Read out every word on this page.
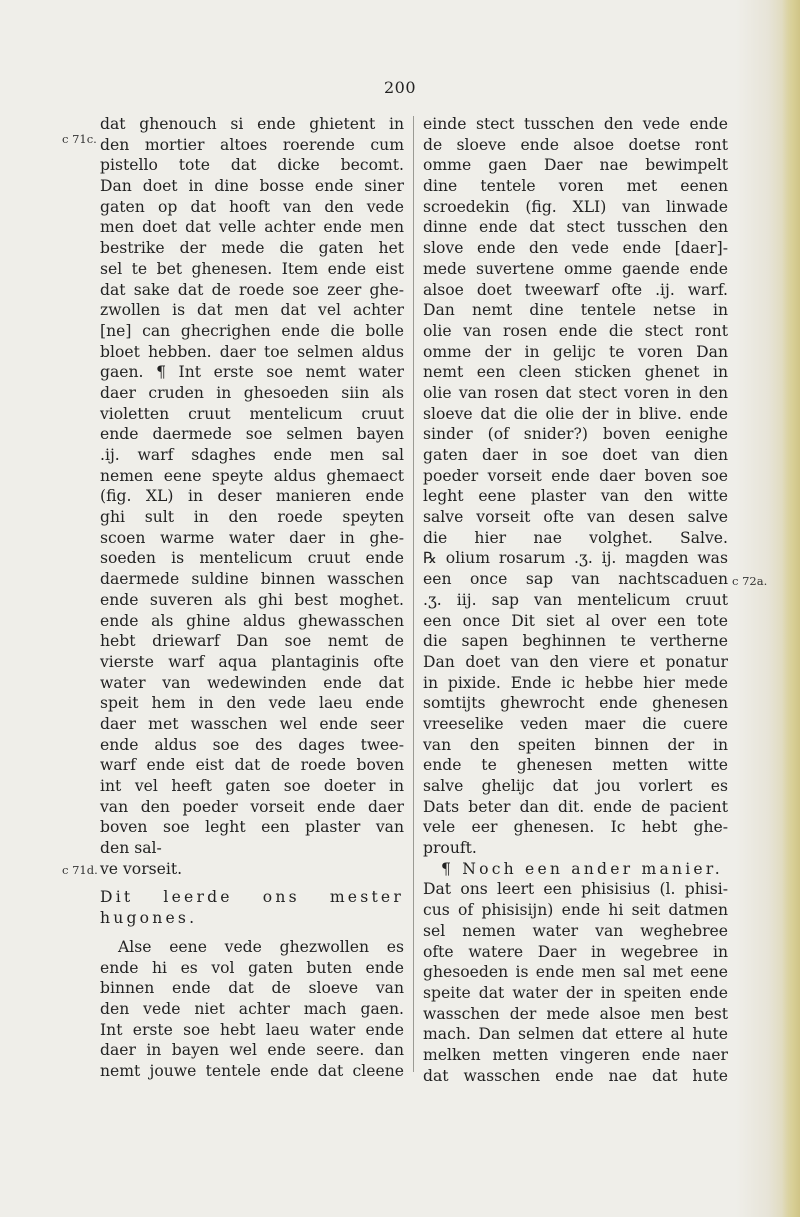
200
c 71c.
c 71d.
c 72a.
dat ghenouch si ende ghietent in
den mortier altoes roerende cum
pistello tote dat dicke becomt.
Dan doet in dine bosse ende siner
gaten op dat hooft van den vede
men doet dat velle achter ende men
bestrike der mede die gaten het
sel te bet ghenesen. Item ende eist
dat sake dat de roede soe zeer ghe-
zwollen is dat men dat vel achter
[ne] can ghecrighen ende die bolle
bloet hebben. daer toe selmen aldus
gaen. ¶ Int erste soe nemt water
daer cruden in ghesoeden siin als
violetten cruut mentelicum cruut
ende daermede soe selmen bayen
.ij. warf sdaghes ende men sal
nemen eene speyte aldus ghemaect
(fig. XL) in deser manieren ende
ghi sult in den roede speyten
scoen warme water daer in ghe-
soeden is mentelicum cruut ende
daermede suldine binnen wasschen
ende suveren als ghi best moghet.
ende als ghine aldus ghewasschen
hebt driewarf Dan soe nemt de
vierste warf aqua plantaginis ofte
water van wedewinden ende dat
speit hem in den vede laeu ende
daer met wasschen wel ende seer
ende aldus soe des dages twee-
warf ende eist dat de roede boven
int vel heeft gaten soe doeter in
van den poeder vorseit ende daer
boven soe leght een plaster van
den sal-
ve vorseit.
Dit leerde ons mester
hugones.
Alse eene vede ghezwollen es
ende hi es vol gaten buten ende
binnen ende dat de sloeve van
den vede niet achter mach gaen.
Int erste soe hebt laeu water ende
daer in bayen wel ende seere. dan
nemt jouwe tentele ende dat cleene
einde stect tusschen den vede ende
de sloeve ende alsoe doetse ront
omme gaen Daer nae bewimpelt
dine tentele voren met eenen
scroedekin (fig. XLI) van linwade
dinne ende dat stect tusschen den
slove ende den vede ende [daer]-
mede suvertene omme gaende ende
alsoe doet tweewarf ofte .ij. warf.
Dan nemt dine tentele netse in
olie van rosen ende die stect ront
omme der in gelijc te voren Dan
nemt een cleen sticken ghenet in
olie van rosen dat stect voren in den
sloeve dat die olie der in blive. ende
sinder (of snider?) boven eenighe
gaten daer in soe doet van dien
poeder vorseit ende daer boven soe
leght eene plaster van den witte
salve vorseit ofte van desen salve
die hier nae volghet. Salve.
℞ olium rosarum .ʒ. ij. magden was
een once sap van nachtscaduen
.ʒ. iij. sap van mentelicum cruut
een once Dit siet al over een tote
die sapen beghinnen te vertherne
Dan doet van den viere et ponatur
in pixide. Ende ic hebbe hier mede
somtijts ghewrocht ende ghenesen
vreeselike veden maer die cuere
van den speiten binnen der in
ende te ghenesen metten witte
salve ghelijc dat jou vorlert es
Dats beter dan dit. ende de pacient
vele eer ghenesen. Ic hebt ghe-
prouft.
¶ Noch een ander manier.
Dat ons leert een phisisius (l. phisi-
cus of phisisijn) ende hi seit datmen
sel nemen water van weghebree
ofte watere Daer in wegebree in
ghesoeden is ende men sal met eene
speite dat water der in speiten ende
wasschen der mede alsoe men best
mach. Dan selmen dat ettere al hute
melken metten vingeren ende naer
dat wasschen ende nae dat hute
